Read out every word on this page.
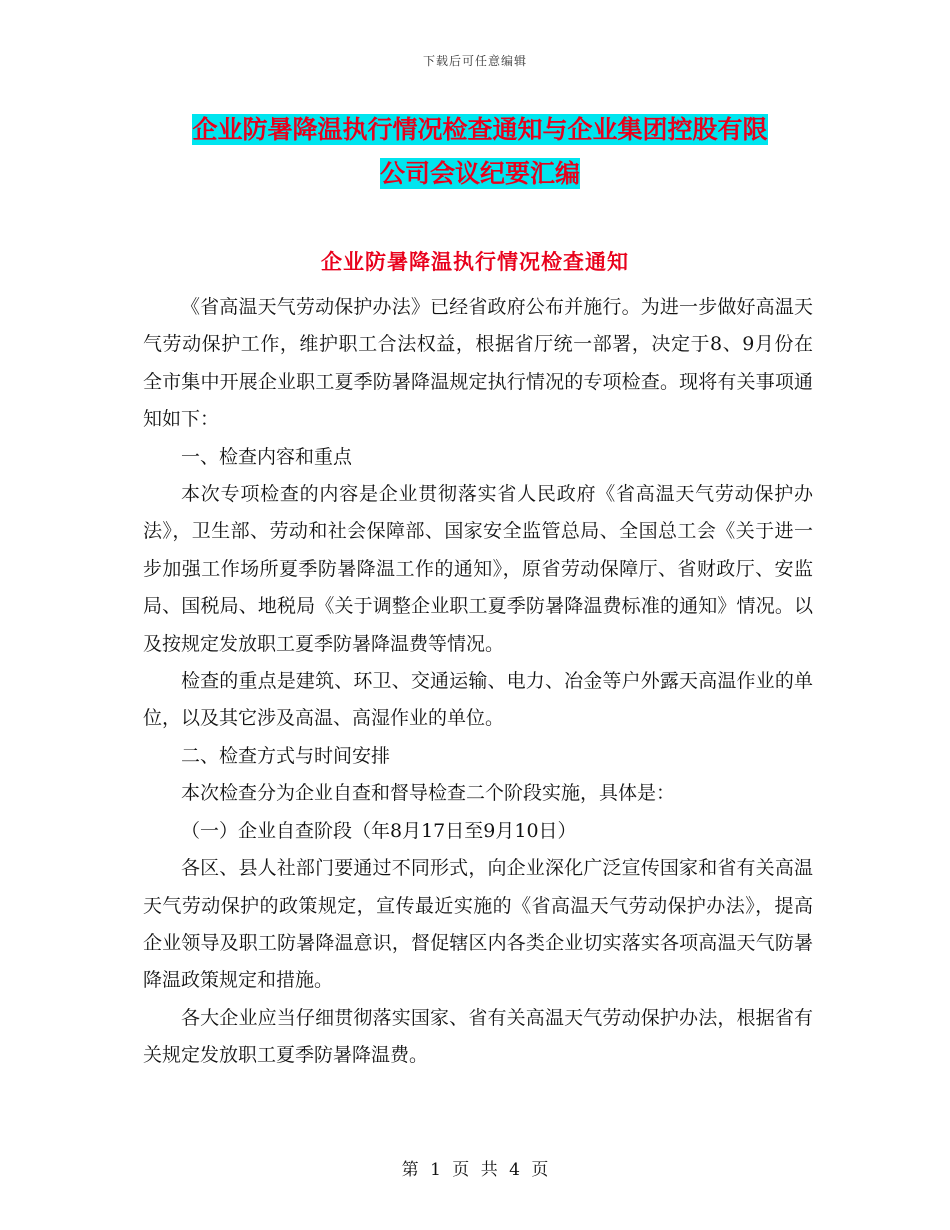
下载后可任意编辑
企业防暑降温执行情况检查通知与企业集团控股有限
公司会议纪要汇编
企业防暑降温执行情况检查通知

《省高温天气劳动保护办法》已经省政府公布并施行。为进一步做好高温天气劳动保护工作，维护职工合法权益，根据省厅统一部署，决定于8、9月份在全市集中开展企业职工夏季防暑降温规定执行情况的专项检查。现将有关事项通知如下：

一、检查内容和重点

本次专项检查的内容是企业贯彻落实省人民政府《省高温天气劳动保护办法》，卫生部、劳动和社会保障部、国家安全监管总局、全国总工会《关于进一步加强工作场所夏季防暑降温工作的通知》，原省劳动保障厅、省财政厅、安监局、国税局、地税局《关于调整企业职工夏季防暑降温费标准的通知》情况。以及按规定发放职工夏季防暑降温费等情况。

检查的重点是建筑、环卫、交通运输、电力、冶金等户外露天高温作业的单位，以及其它涉及高温、高湿作业的单位。

二、检查方式与时间安排

本次检查分为企业自查和督导检查二个阶段实施，具体是：

（一）企业自查阶段（年8月17日至9月10日）

各区、县人社部门要通过不同形式，向企业深化广泛宣传国家和省有关高温天气劳动保护的政策规定，宣传最近实施的《省高温天气劳动保护办法》，提高企业领导及职工防暑降温意识，督促辖区内各类企业切实落实各项高温天气防暑降温政策规定和措施。

各大企业应当仔细贯彻落实国家、省有关高温天气劳动保护办法，根据省有关规定发放职工夏季防暑降温费。

第 1 页 共 4 页
